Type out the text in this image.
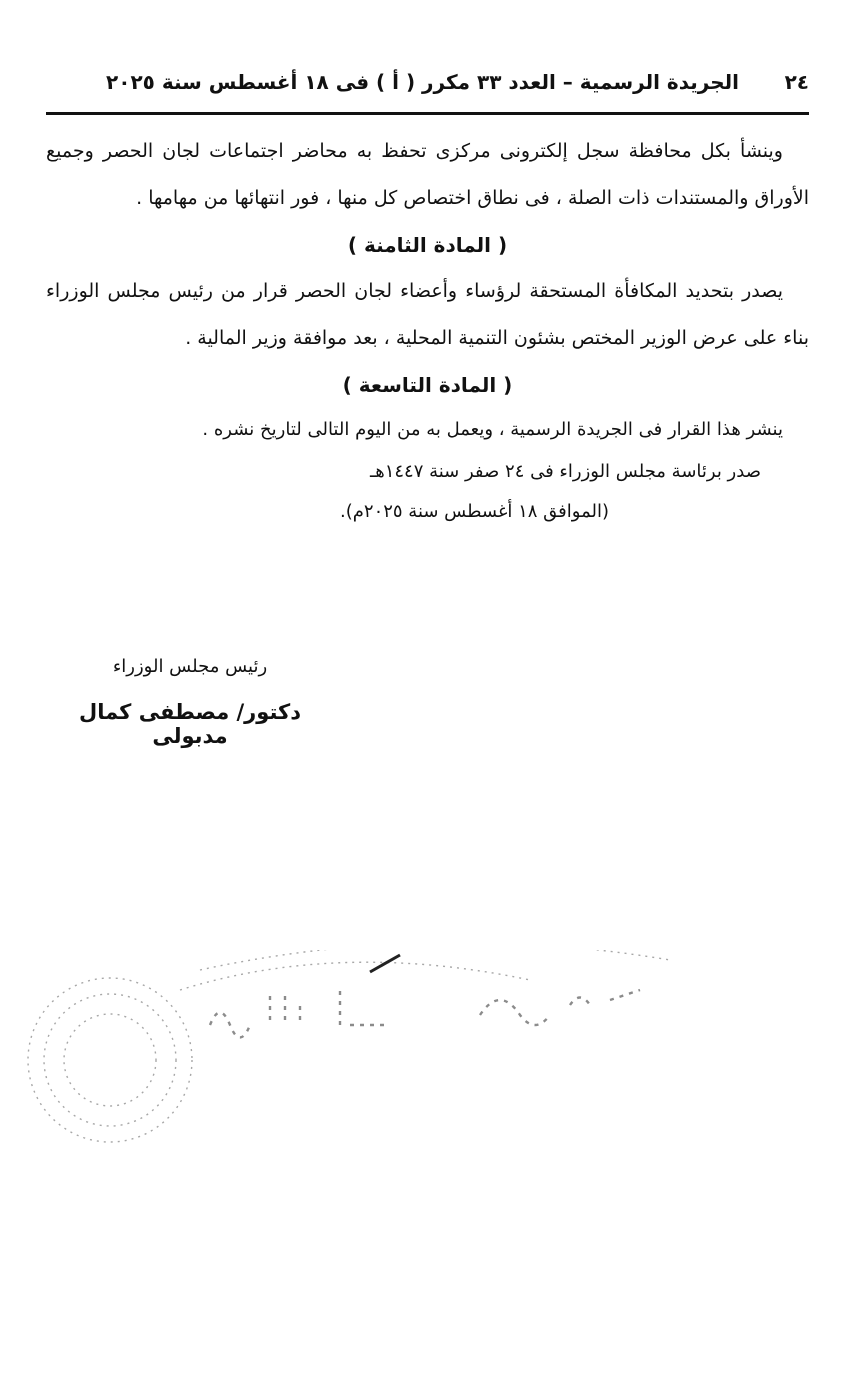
٢٤
الجريدة الرسمية – العدد ٣٣ مكرر ( أ ) فى ١٨ أغسطس سنة ٢٠٢٥

وينشأ بكل محافظة سجل إلكترونى مركزى تحفظ به محاضر اجتماعات لجان الحصر وجميع الأوراق والمستندات ذات الصلة ، فى نطاق اختصاص كل منها ، فور انتهائها من مهامها .

( المادة الثامنة )

يصدر بتحديد المكافأة المستحقة لرؤساء وأعضاء لجان الحصر قرار من رئيس مجلس الوزراء بناء على عرض الوزير المختص بشئون التنمية المحلية ، بعد موافقة وزير المالية .

( المادة التاسعة )

ينشر هذا القرار فى الجريدة الرسمية ، ويعمل به من اليوم التالى لتاريخ نشره .

صدر برئاسة مجلس الوزراء فى ٢٤ صفر سنة ١٤٤٧هـ

(الموافق ١٨ أغسطس سنة ٢٠٢٥م).

رئيس مجلس الوزراء
دكتور/ مصطفى كمال مدبولى
